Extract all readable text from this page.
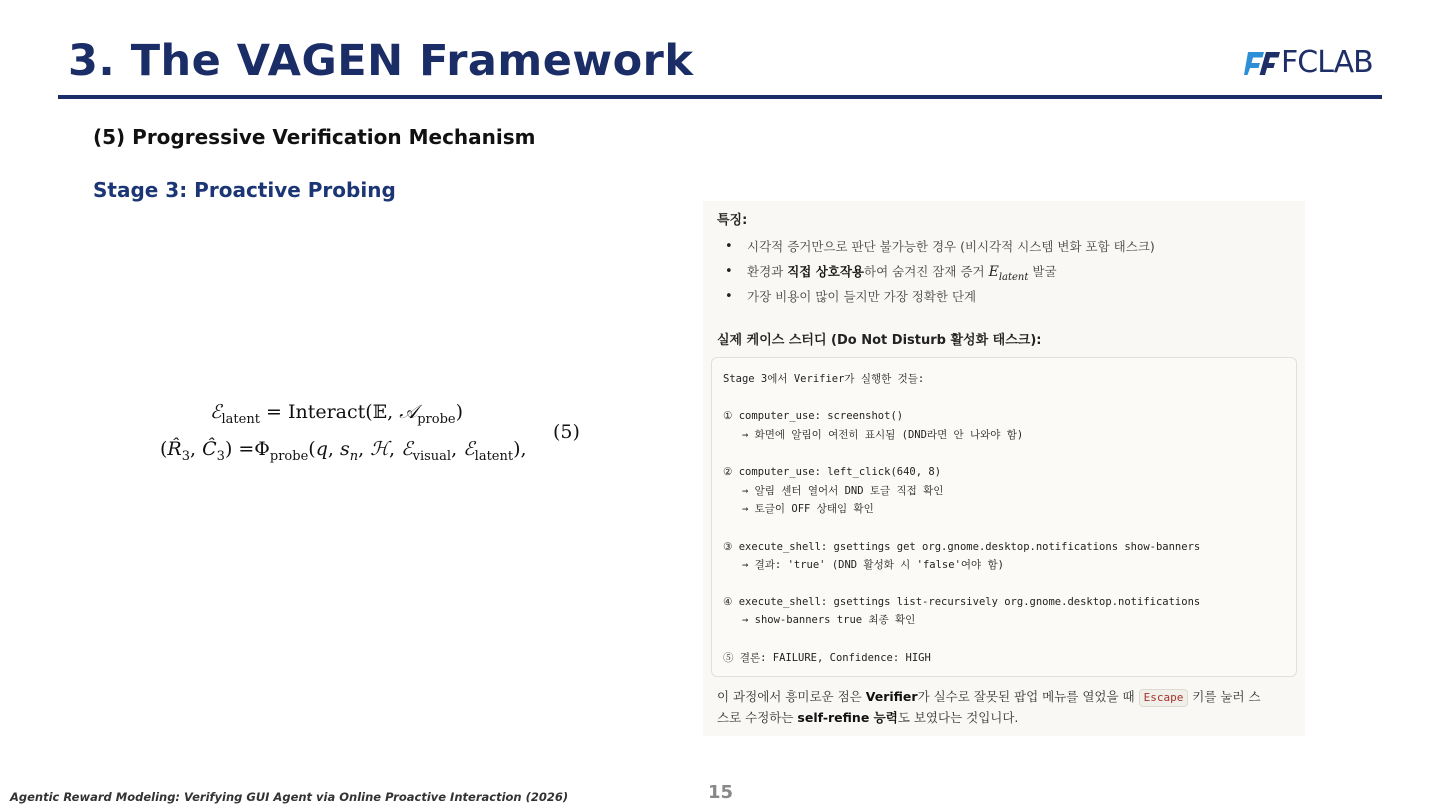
3. The VAGEN Framework	FCLAB
(5) Progressive Verification Mechanism
Stage 3: Proactive Probing
ℰ$_{latent}$ = Interact(𝔼, 𝒜$_{probe}$)
($R̂_3$, $Ĉ_3) =\Phi_{probe}(q$, $s_n$, ℋ, ℰ$_{visual}$, ℰ$_{latent}$),
(5)
특징:
• 시각적 증거만으로 판단 불가능한 경우 (비시각적 시스템 변화 포함 태스크)
• 환경과 직접 상호작용하여 숨겨진 잠재 증거 $E_{latent}$ 발굴
• 가장 비용이 많이 들지만 가장 정확한 단계
실제 케이스 스터디 (Do Not Disturb 활성화 태스크):
Stage 3에서 Verifier가 실행한 것들:
① computer_use: screenshot()
→ 화면에 알림이 여전히 표시됨 (DND라면 안 나와야 함)
② computer_use: left_click(640, 8)
→ 알림 센터 열어서 DND 토글 직접 확인
→ 토글이 OFF 상태임 확인
③ execute_shell: gsettings get org.gnome.desktop.notifications show-banners
→ 결과: 'true' (DND 활성화 시 'false'여야 함)
④ execute_shell: gsettings list-recursively org.gnome.desktop.notifications
→ show-banners true 최종 확인
⑤ 결론: FAILURE, Confidence: HIGH
이 과정에서 흥미로운 점은 Verifier가 실수로 잘못된 팝업 메뉴를 열었을 때 Escape 키를 눌러 스
스로 수정하는 self-refine 능력도 보였다는 것입니다.
Agentic Reward Modeling: Verifying GUI Agent via Online Proactive Interaction (2026)	15
